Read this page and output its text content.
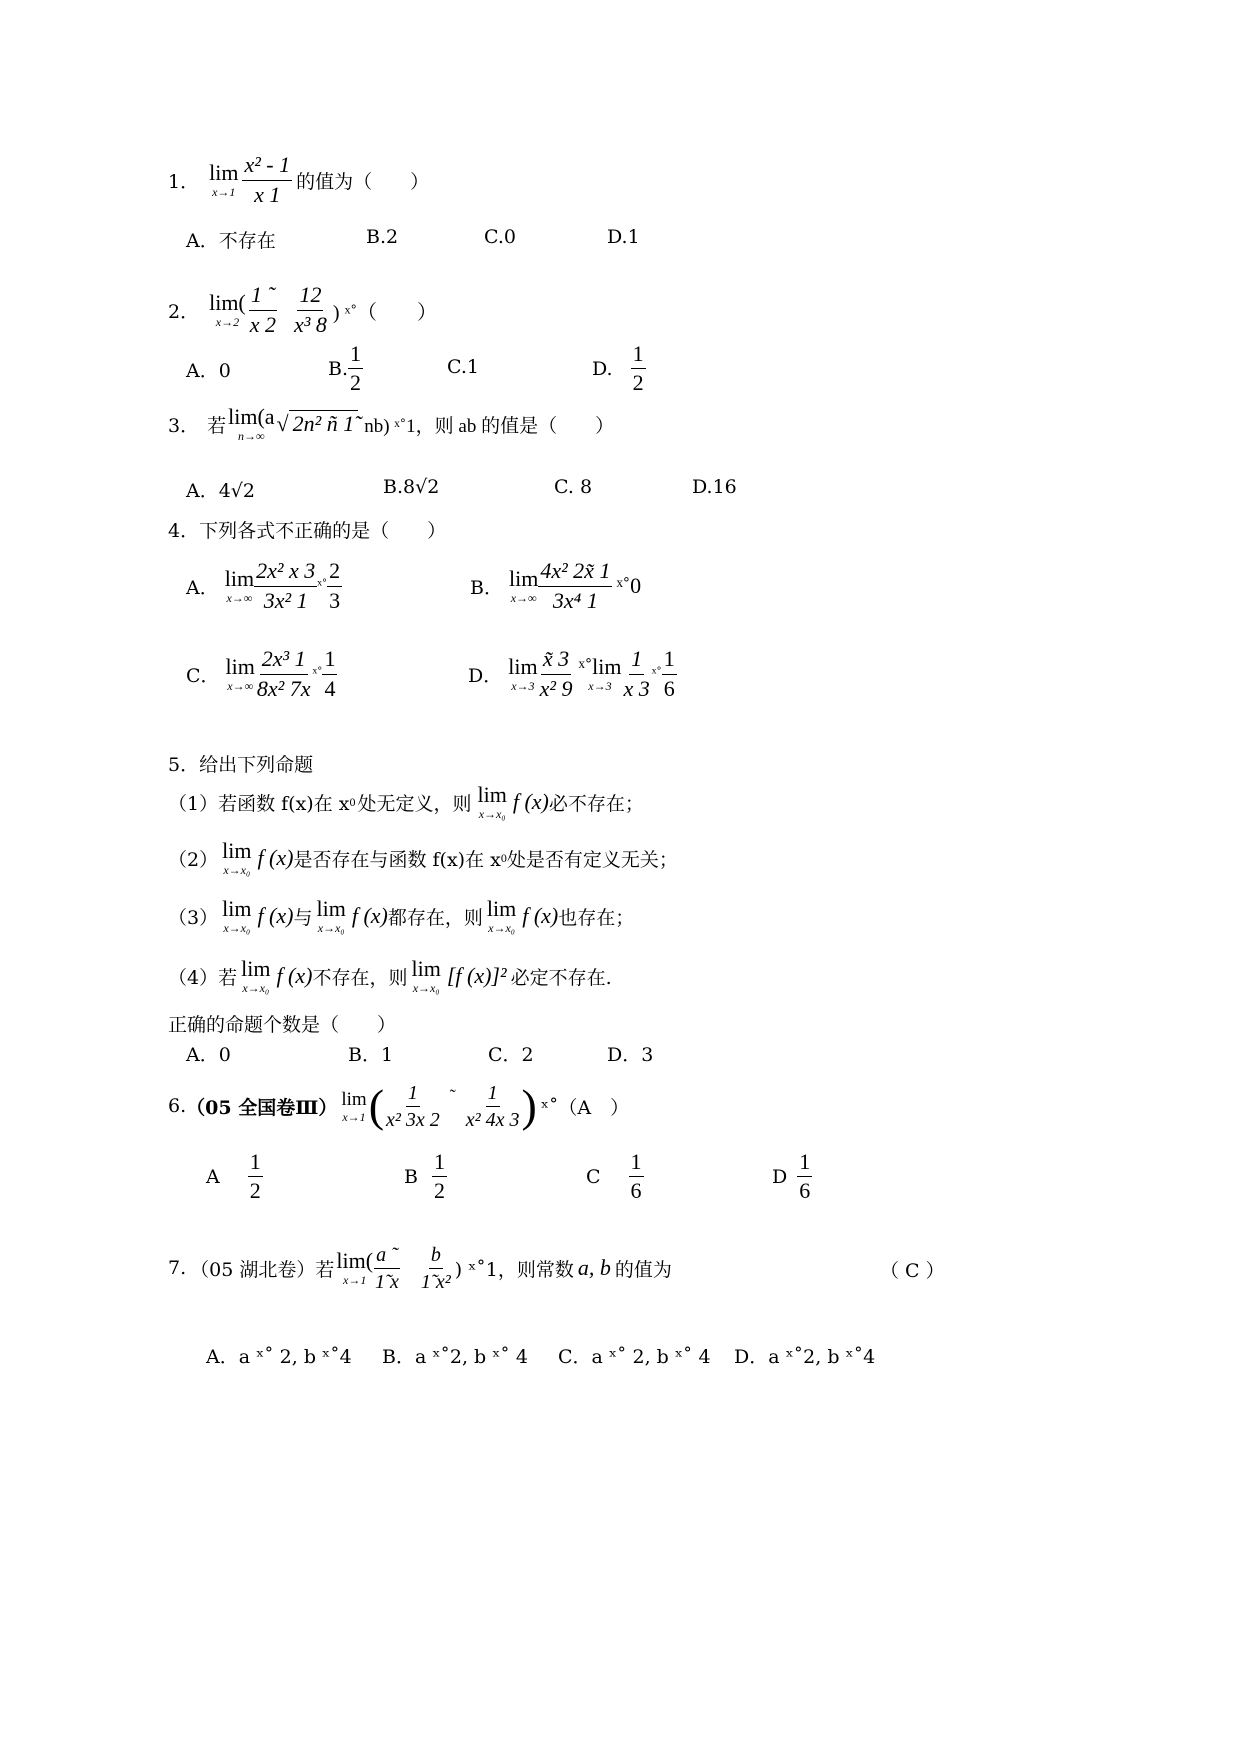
1． lim
$x\to 1 \frac{\text{x² ‐ 1}}{x 1}$ 的值为（　　）
A．不存在	B.2	C.0	D.1
2． lim(
$x\to 2 \frac{1 ˜}{x 2} \frac{12}{\text{x³ 8}}$ ) ˣ˚（　　）
A．0	B. $\frac{1}{2}$	C.1	D. $\frac{1}{2}$
3． 若 lim(a
n→∞ √ 2n² ñ 1̃ nb) ˣ˚1，则 ab 的值是（　　）
A．4√2	B.8√2	C. 8	D.16
4．下列各式不正确的是（　　）
A． lim
$x\to\infty \frac{\text{2x² x 3}}{\text{3x² 1}}$ ˣ˚ $\frac{2}{3}$	B． lim
$x\to\infty \frac{\text{4x² 2x̃ 1}}{\text{3x⁴ 1}}$ ˣ˚0
C． lim
$x\to\infty \frac{\text{2x³ 1}}{\text{8x² 7x}}$ ˣ˚ $\frac{1}{4}$	D． lim
$x\to 3 \frac{x̃ 3}{\text{x² 9}}$ ˣ˚lim
$x\to 3 \frac{1}{x 3}$ ˣ˚ $\frac{1}{6}$
5．给出下列命题
（1）若函数 f(x)在 x 0 处无定义，则 lim
x→x₀ f (x) 必不存在；
（2） lim
x→x₀ f (x) 是否存在与函数 f(x)在 x 0 处是否有定义无关；
（3） lim
x→x₀ f (x) 与 lim
x→x₀ f (x) 都存在，则 lim
x→x₀ f (x) 也存在；
（4）若 lim
x→x₀ f (x) 不存在，则 lim
x→x₀ [f (x)]² 必定不存在.
正确的命题个数是（　　）
A．0	B．1	C．2	D．3
6. （05 全国卷Ⅲ） lim
x→1 ( $\frac{1}{\text{x² 3x 2}}$ ˜ $\frac{1}{\text{x² 4x 3}}$ ) ˣ˚（A　）
A $\frac{1}{2}$	B $\frac{1}{2}$	C $\frac{1}{6}$	D $\frac{1}{6}$
7. （05 湖北卷）若 lim(
$x\to 1 \frac{a ˜}{1̃ x} \frac{b}{\text{1̃ x²}}$ ) ˣ˚1，则常数 a, b 的值为	（ C ）
A．a ˣ˚ 2, b ˣ˚4 B．a ˣ˚2, b ˣ˚ 4 C．a ˣ˚ 2, b ˣ˚ 4 D．a ˣ˚2, b ˣ˚4
